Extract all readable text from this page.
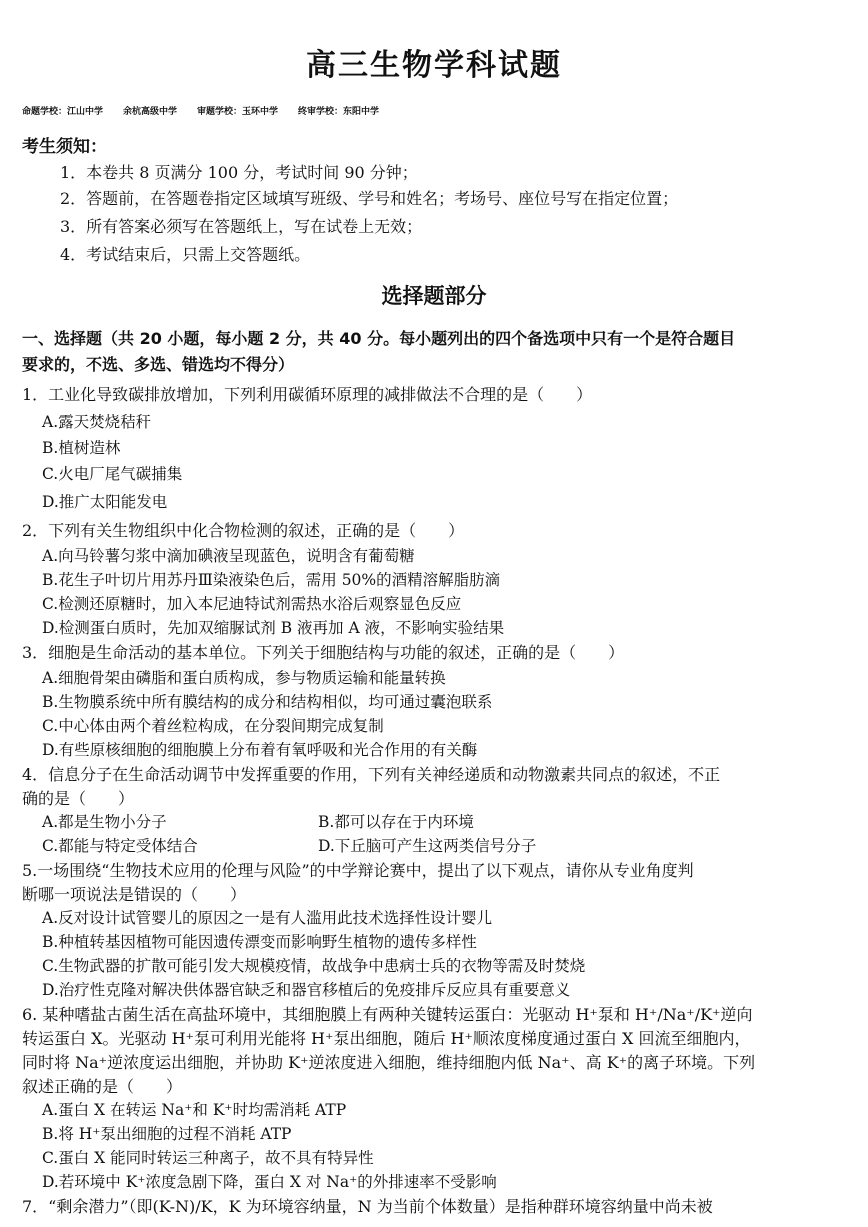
高三生物学科试题
命题学校：江山中学 余杭高级中学 审题学校：玉环中学 终审学校：东阳中学
考生须知：
1．本卷共 8 页满分 100 分，考试时间 90 分钟；
2．答题前，在答题卷指定区域填写班级、学号和姓名；考场号、座位号写在指定位置；
3．所有答案必须写在答题纸上，写在试卷上无效；
4．考试结束后，只需上交答题纸。
选择题部分
一、选择题（共 20 小题，每小题 2 分，共 40 分。每小题列出的四个备选项中只有一个是符合题目
要求的，不选、多选、错选均不得分）
1．工业化导致碳排放增加，下列利用碳循环原理的减排做法不合理的是（　　）
A.露天焚烧秸秆
B.植树造林
C.火电厂尾气碳捕集
D.推广太阳能发电
2．下列有关生物组织中化合物检测的叙述，正确的是（　　）
A.向马铃薯匀浆中滴加碘液呈现蓝色，说明含有葡萄糖
B.花生子叶切片用苏丹Ⅲ染液染色后，需用 50%的酒精溶解脂肪滴
C.检测还原糖时，加入本尼迪特试剂需热水浴后观察显色反应
D.检测蛋白质时，先加双缩脲试剂 B 液再加 A 液，不影响实验结果
3．细胞是生命活动的基本单位。下列关于细胞结构与功能的叙述，正确的是（　　）
A.细胞骨架由磷脂和蛋白质构成，参与物质运输和能量转换
B.生物膜系统中所有膜结构的成分和结构相似，均可通过囊泡联系
C.中心体由两个着丝粒构成，在分裂间期完成复制
D.有些原核细胞的细胞膜上分布着有氧呼吸和光合作用的有关酶
4．信息分子在生命活动调节中发挥重要的作用，下列有关神经递质和动物激素共同点的叙述，不正
确的是（　　）
A.都是生物小分子	B.都可以存在于内环境
C.都能与特定受体结合	D.下丘脑可产生这两类信号分子
5.一场围绕“生物技术应用的伦理与风险”的中学辩论赛中，提出了以下观点，请你从专业角度判
断哪一项说法是错误的（　　）
A.反对设计试管婴儿的原因之一是有人滥用此技术选择性设计婴儿
B.种植转基因植物可能因遗传漂变而影响野生植物的遗传多样性
C.生物武器的扩散可能引发大规模疫情，故战争中患病士兵的衣物等需及时焚烧
D.治疗性克隆对解决供体器官缺乏和器官移植后的免疫排斥反应具有重要意义
6. 某种嗜盐古菌生活在高盐环境中，其细胞膜上有两种关键转运蛋白：光驱动 H⁺泵和 H⁺/Na⁺/K⁺逆向
转运蛋白 X。光驱动 H⁺泵可利用光能将 H⁺泵出细胞，随后 H⁺顺浓度梯度通过蛋白 X 回流至细胞内，
同时将 Na⁺逆浓度运出细胞，并协助 K⁺逆浓度进入细胞，维持细胞内低 Na⁺、高 K⁺的离子环境。下列
叙述正确的是（　　）
A.蛋白 X 在转运 Na⁺和 K⁺时均需消耗 ATP
B.将 H⁺泵出细胞的过程不消耗 ATP
C.蛋白 X 能同时转运三种离子，故不具有特异性
D.若环境中 K⁺浓度急剧下降，蛋白 X 对 Na⁺的外排速率不受影响
7．“剩余潜力”（即(K-N)/K，K 为环境容纳量，N 为当前个体数量）是指种群环境容纳量中尚未被
